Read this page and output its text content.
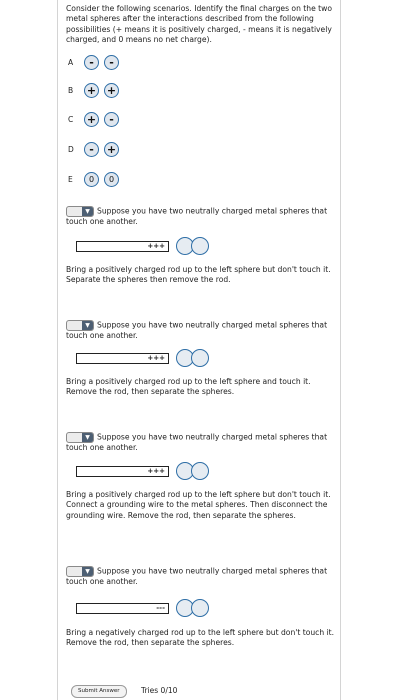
Consider the following scenarios. Identify the final charges on the two metal spheres after the interactions described from the following possibilities (+ means it is positively charged, - means it is negatively charged, and 0 means no net charge).
A	-	-
B	+ +
C	+	-
D	-	+
E	0	0
▼ Suppose you have two neutrally charged metal spheres that touch one another.
+++
Bring a positively charged rod up to the left sphere but don't touch it. Separate the spheres then remove the rod.
▼ Suppose you have two neutrally charged metal spheres that touch one another.
+++
Bring a positively charged rod up to the left sphere and touch it. Remove the rod, then separate the spheres.
▼ Suppose you have two neutrally charged metal spheres that touch one another.
+++
Bring a positively charged rod up to the left sphere but don't touch it. Connect a grounding wire to the metal spheres. Then disconnect the grounding wire. Remove the rod, then separate the spheres.
▼ Suppose you have two neutrally charged metal spheres that touch one another.
---
Bring a negatively charged rod up to the left sphere but don't touch it. Remove the rod, then separate the spheres.
Submit Answer	Tries 0/10
